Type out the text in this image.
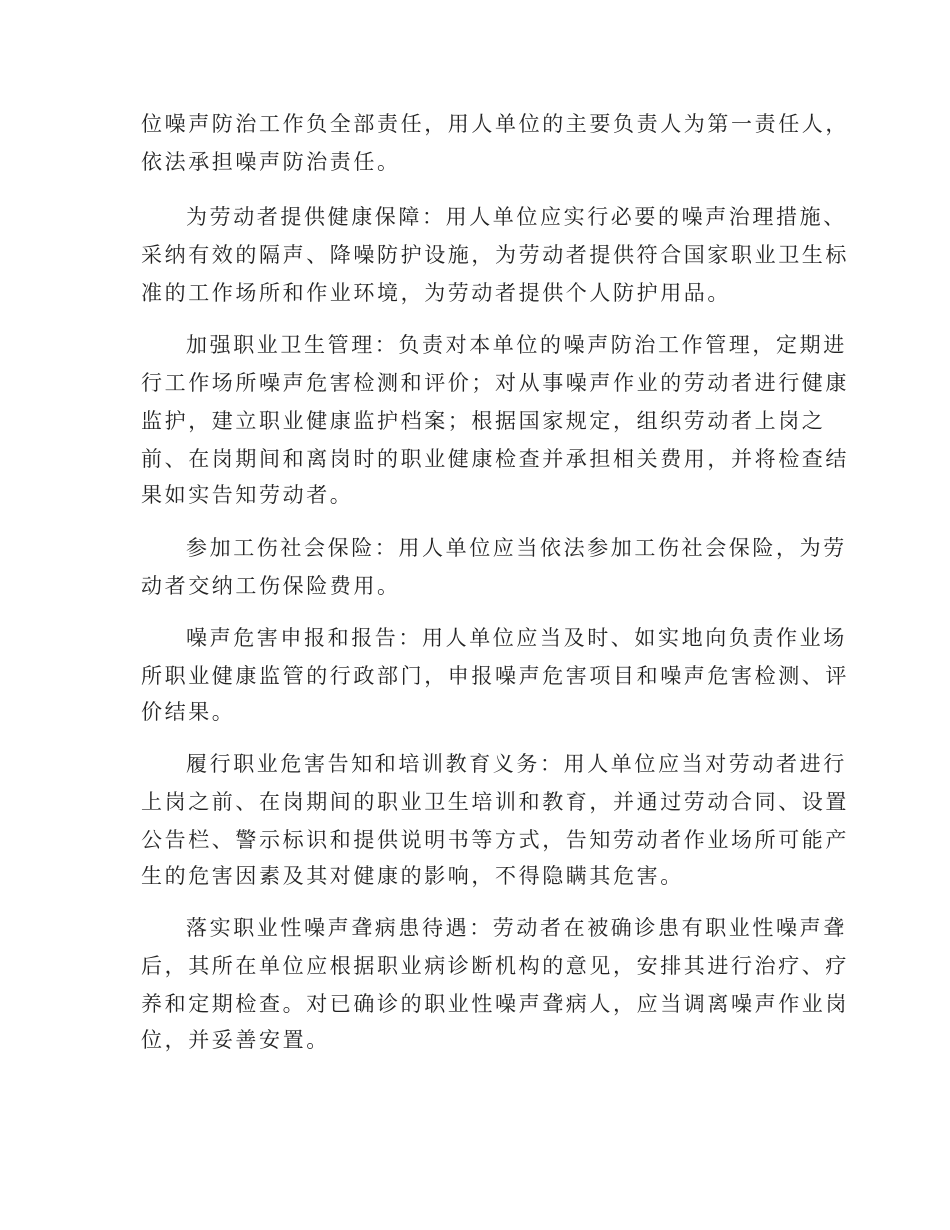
位噪声防治工作负全部责任，用人单位的主要负责人为第一责任人，
依法承担噪声防治责任。
为劳动者提供健康保障：用人单位应实行必要的噪声治理措施、
采纳有效的隔声、降噪防护设施，为劳动者提供符合国家职业卫生标
准的工作场所和作业环境，为劳动者提供个人防护用品。
加强职业卫生管理：负责对本单位的噪声防治工作管理，定期进
行工作场所噪声危害检测和评价；对从事噪声作业的劳动者进行健康
监护，建立职业健康监护档案；根据国家规定，组织劳动者上岗之
前、在岗期间和离岗时的职业健康检查并承担相关费用，并将检查结
果如实告知劳动者。
参加工伤社会保险：用人单位应当依法参加工伤社会保险，为劳
动者交纳工伤保险费用。
噪声危害申报和报告：用人单位应当及时、如实地向负责作业场
所职业健康监管的行政部门，申报噪声危害项目和噪声危害检测、评
价结果。
履行职业危害告知和培训教育义务：用人单位应当对劳动者进行
上岗之前、在岗期间的职业卫生培训和教育，并通过劳动合同、设置
公告栏、警示标识和提供说明书等方式，告知劳动者作业场所可能产
生的危害因素及其对健康的影响，不得隐瞒其危害。
落实职业性噪声聋病患待遇：劳动者在被确诊患有职业性噪声聋
后，其所在单位应根据职业病诊断机构的意见，安排其进行治疗、疗
养和定期检查。对已确诊的职业性噪声聋病人，应当调离噪声作业岗
位，并妥善安置。
